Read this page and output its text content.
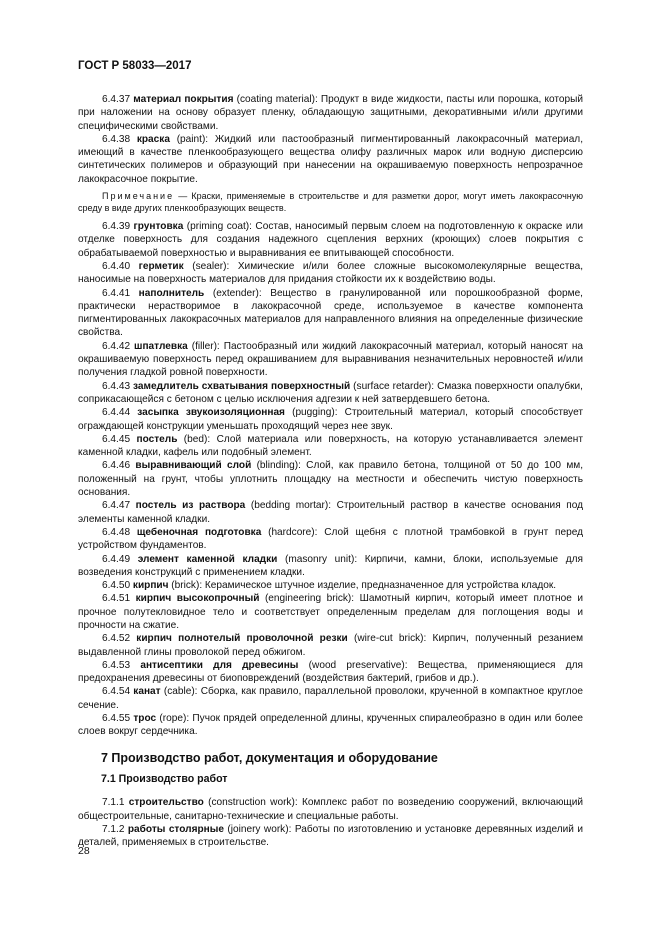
ГОСТ Р 58033—2017

6.4.37 материал покрытия (coating material): Продукт в виде жидкости, пасты или порошка, который при наложении на основу образует пленку, обладающую защитными, декоративными и/или другими специфическими свойствами.

6.4.38 краска (paint): Жидкий или пастообразный пигментированный лакокрасочный материал, имеющий в качестве пленкообразующего вещества олифу различных марок или водную дисперсию синтетических полимеров и образующий при нанесении на окрашиваемую поверхность непрозрачное лакокрасочное покрытие.

Примечание — Краски, применяемые в строительстве и для разметки дорог, могут иметь лакокрасочную среду в виде других пленкообразующих веществ.

6.4.39 грунтовка (priming coat): Состав, наносимый первым слоем на подготовленную к окраске или отделке поверхность для создания надежного сцепления верхних (кроющих) слоев покрытия с обрабатываемой поверхностью и выравнивания ее впитывающей способности.

6.4.40 герметик (sealer): Химические и/или более сложные высокомолекулярные вещества, наносимые на поверхность материалов для придания стойкости их к воздействию воды.

6.4.41 наполнитель (extender): Вещество в гранулированной или порошкообразной форме, практически нерастворимое в лакокрасочной среде, используемое в качестве компонента пигментированных лакокрасочных материалов для направленного влияния на определенные физические свойства.

6.4.42 шпатлевка (filler): Пастообразный или жидкий лакокрасочный материал, который наносят на окрашиваемую поверхность перед окрашиванием для выравнивания незначительных неровностей и/или получения гладкой ровной поверхности.

6.4.43 замедлитель схватывания поверхностный (surface retarder): Смазка поверхности опалубки, соприкасающейся с бетоном с целью исключения адгезии к ней затвердевшего бетона.

6.4.44 засыпка звукоизоляционная (pugging): Строительный материал, который способствует ограждающей конструкции уменьшать проходящий через нее звук.

6.4.45 постель (bed): Слой материала или поверхность, на которую устанавливается элемент каменной кладки, кафель или подобный элемент.

6.4.46 выравнивающий слой (blinding): Слой, как правило бетона, толщиной от 50 до 100 мм, положенный на грунт, чтобы уплотнить площадку на местности и обеспечить чистую поверхность основания.

6.4.47 постель из раствора (bedding mortar): Строительный раствор в качестве основания под элементы каменной кладки.

6.4.48 щебеночная подготовка (hardcore): Слой щебня с плотной трамбовкой в грунт перед устройством фундаментов.

6.4.49 элемент каменной кладки (masonry unit): Кирпичи, камни, блоки, используемые для возведения конструкций с применением кладки.

6.4.50 кирпич (brick): Керамическое штучное изделие, предназначенное для устройства кладок.

6.4.51 кирпич высокопрочный (engineering brick): Шамотный кирпич, который имеет плотное и прочное полутекловидное тело и соответствует определенным пределам для поглощения воды и прочности на сжатие.

6.4.52 кирпич полнотелый проволочной резки (wire-cut brick): Кирпич, полученный резанием выдавленной глины проволокой перед обжигом.

6.4.53 антисептики для древесины (wood preservative): Вещества, применяющиеся для предохранения древесины от биоповреждений (воздействия бактерий, грибов и др.).

6.4.54 канат (cable): Сборка, как правило, параллельной проволоки, крученной в компактное круглое сечение.

6.4.55 трос (rope): Пучок прядей определенной длины, крученных спиралеобразно в один или более слоев вокруг сердечника.

7 Производство работ, документация и оборудование
7.1 Производство работ

7.1.1 строительство (construction work): Комплекс работ по возведению сооружений, включающий общестроительные, санитарно-технические и специальные работы.

7.1.2 работы столярные (joinery work): Работы по изготовлению и установке деревянных изделий и деталей, применяемых в строительстве.

28
